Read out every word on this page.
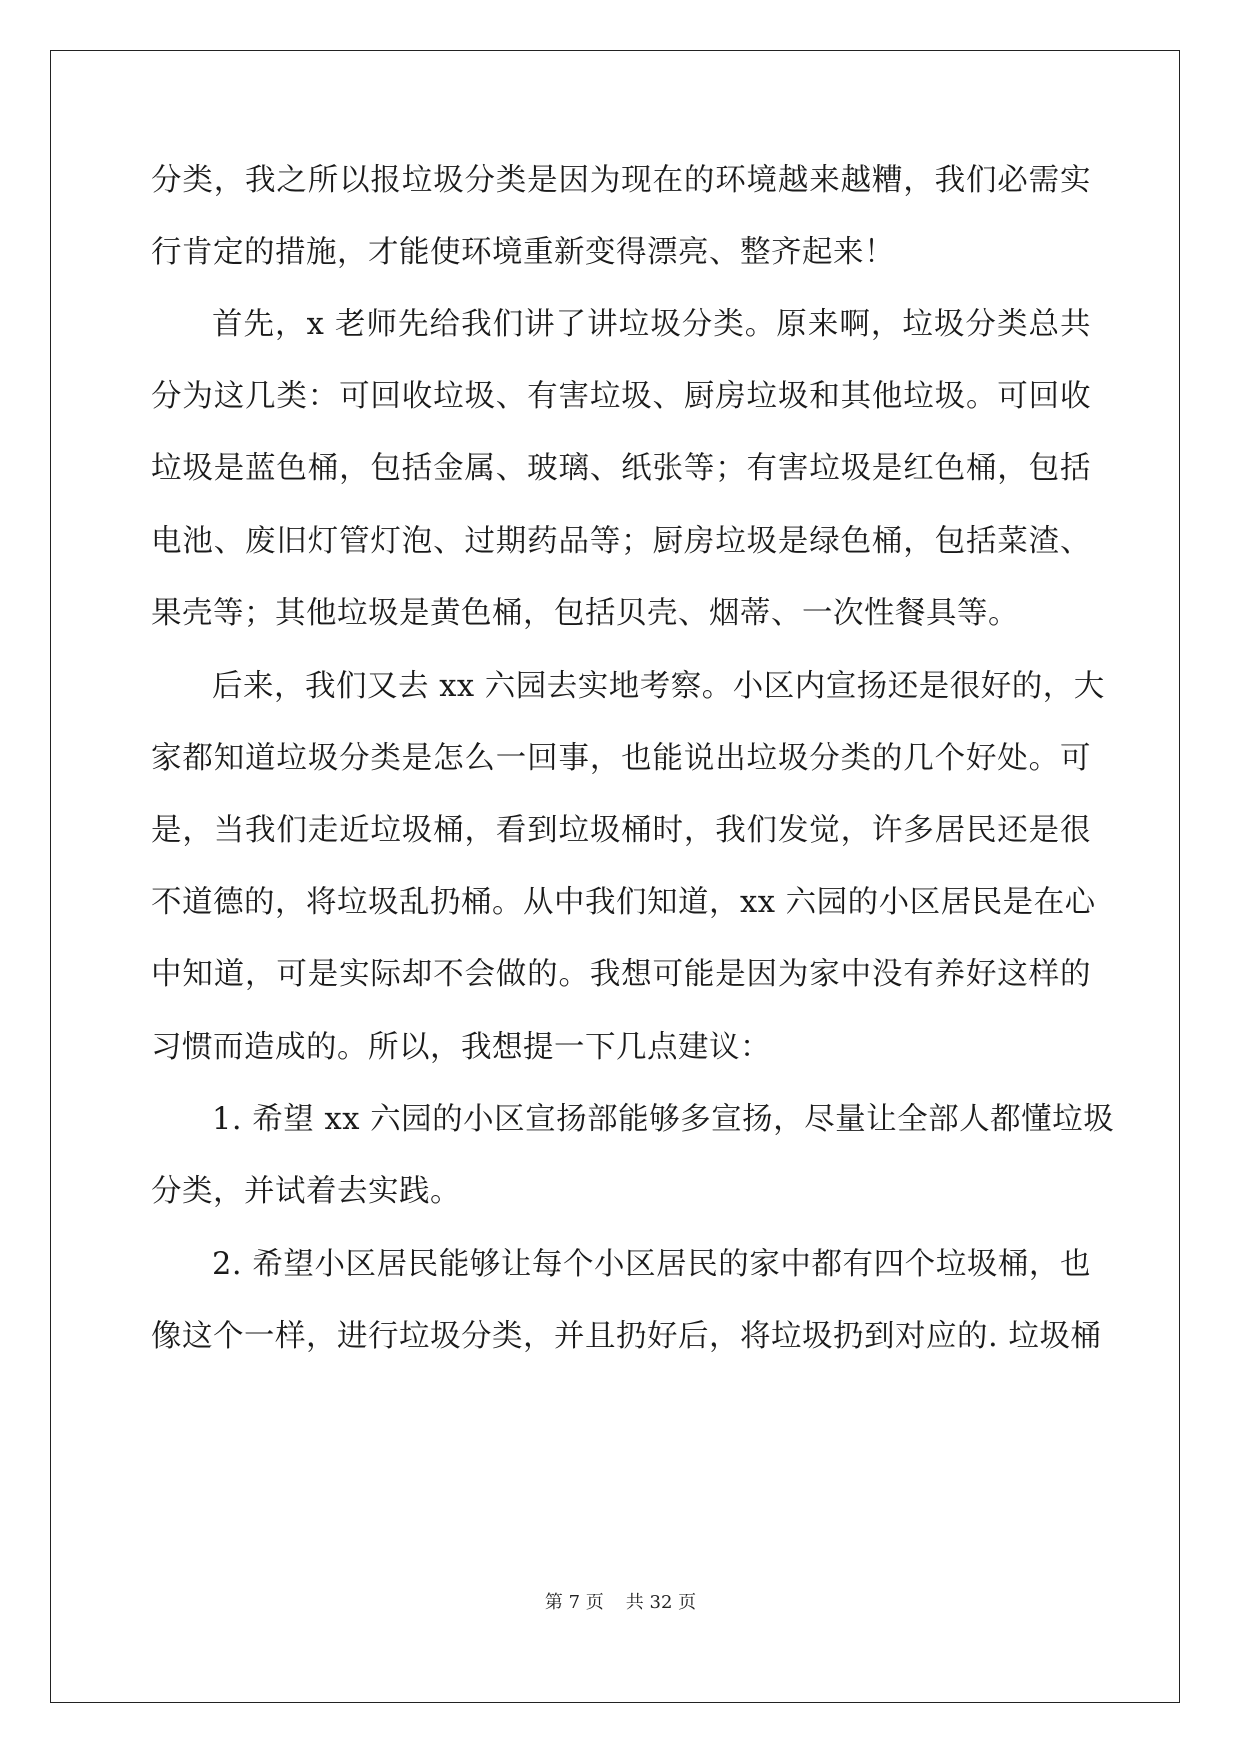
分类，我之所以报垃圾分类是因为现在的环境越来越糟，我们必需实
行肯定的措施，才能使环境重新变得漂亮、整齐起来！
首先，x 老师先给我们讲了讲垃圾分类。原来啊，垃圾分类总共
分为这几类：可回收垃圾、有害垃圾、厨房垃圾和其他垃圾。可回收
垃圾是蓝色桶，包括金属、玻璃、纸张等；有害垃圾是红色桶，包括
电池、废旧灯管灯泡、过期药品等；厨房垃圾是绿色桶，包括菜渣、
果壳等；其他垃圾是黄色桶，包括贝壳、烟蒂、一次性餐具等。
后来，我们又去 xx 六园去实地考察。小区内宣扬还是很好的，大
家都知道垃圾分类是怎么一回事，也能说出垃圾分类的几个好处。可
是，当我们走近垃圾桶，看到垃圾桶时，我们发觉，许多居民还是很
不道德的，将垃圾乱扔桶。从中我们知道，xx 六园的小区居民是在心
中知道，可是实际却不会做的。我想可能是因为家中没有养好这样的
习惯而造成的。所以，我想提一下几点建议：
1. 希望 xx 六园的小区宣扬部能够多宣扬，尽量让全部人都懂垃圾
分类，并试着去实践。
2. 希望小区居民能够让每个小区居民的家中都有四个垃圾桶，也
像这个一样，进行垃圾分类，并且扔好后，将垃圾扔到对应的. 垃圾桶
第 7 页 共 32 页
